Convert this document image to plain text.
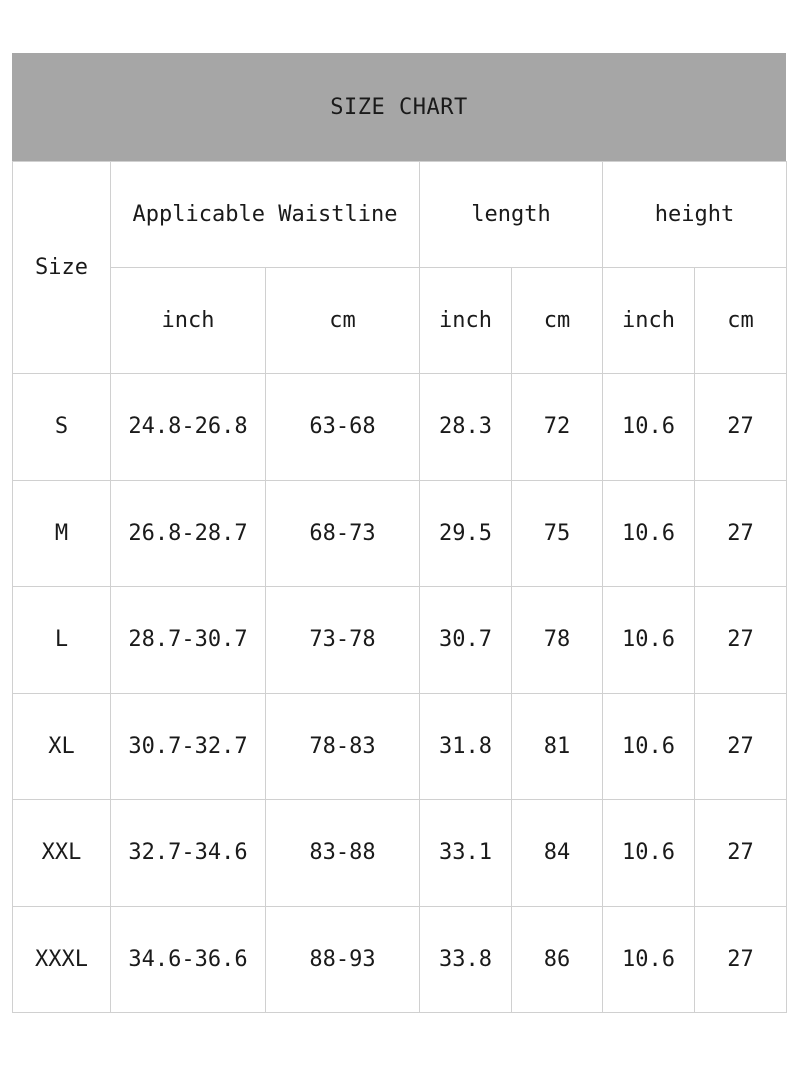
SIZE CHART
Size	Applicable Waistline		length		height	
	inch	cm	inch	cm	inch	cm
S	24.8-26.8	63-68	28.3	72	10.6	27
M	26.8-28.7	68-73	29.5	75	10.6	27
L	28.7-30.7	73-78	30.7	78	10.6	27
XL	30.7-32.7	78-83	31.8	81	10.6	27
XXL	32.7-34.6	83-88	33.1	84	10.6	27
XXXL	34.6-36.6	88-93	33.8	86	10.6	27
